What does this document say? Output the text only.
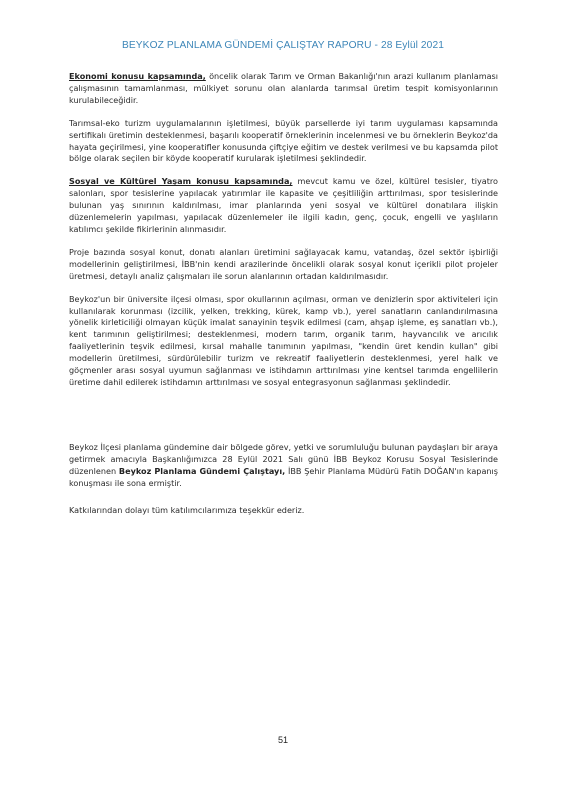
BEYKOZ PLANLAMA GÜNDEMİ ÇALIŞTAY RAPORU - 28 Eylül 2021

Ekonomi konusu kapsamında, öncelik olarak Tarım ve Orman Bakanlığı'nın arazi kullanım planlaması çalışmasının tamamlanması, mülkiyet sorunu olan alanlarda tarımsal üretim tespit komisyonlarının kurulabileceğidir.

Tarımsal-eko turizm uygulamalarının işletilmesi, büyük parsellerde iyi tarım uygulaması kapsamında sertifikalı üretimin desteklenmesi, başarılı kooperatif örneklerinin incelenmesi ve bu örneklerin Beykoz'da hayata geçirilmesi, yine kooperatifler konusunda çiftçiye eğitim ve destek verilmesi ve bu kapsamda pilot bölge olarak seçilen bir köyde kooperatif kurularak işletilmesi şeklindedir.

Sosyal ve Kültürel Yaşam konusu kapsamında, mevcut kamu ve özel, kültürel tesisler, tiyatro salonları, spor tesislerine yapılacak yatırımlar ile kapasite ve çeşitliliğin arttırılması, spor tesislerinde bulunan yaş sınırının kaldırılması, imar planlarında yeni sosyal ve kültürel donatılara ilişkin düzenlemelerin yapılması, yapılacak düzenlemeler ile ilgili kadın, genç, çocuk, engelli ve yaşlıların katılımcı şekilde fikirlerinin alınmasıdır.

Proje bazında sosyal konut, donatı alanları üretimini sağlayacak kamu, vatandaş, özel sektör işbirliği modellerinin geliştirilmesi, İBB'nin kendi arazilerinde öncelikli olarak sosyal konut içerikli pilot projeler üretmesi, detaylı analiz çalışmaları ile sorun alanlarının ortadan kaldırılmasıdır.

Beykoz'un bir üniversite ilçesi olması, spor okullarının açılması, orman ve denizlerin spor aktiviteleri için kullanılarak korunması (izcilik, yelken, trekking, kürek, kamp vb.), yerel sanatların canlandırılmasına yönelik kirleticiliği olmayan küçük imalat sanayinin teşvik edilmesi (cam, ahşap işleme, eş sanatları vb.), kent tarımının geliştirilmesi; desteklenmesi, modern tarım, organik tarım, hayvancılık ve arıcılık faaliyetlerinin teşvik edilmesi, kırsal mahalle tanımının yapılması, "kendin üret kendin kullan" gibi modellerin üretilmesi, sürdürülebilir turizm ve rekreatif faaliyetlerin desteklenmesi, yerel halk ve göçmenler arası sosyal uyumun sağlanması ve istihdamın arttırılması yine kentsel tarımda engellilerin üretime dahil edilerek istihdamın arttırılması ve sosyal entegrasyonun sağlanması şeklindedir.

Beykoz İlçesi planlama gündemine dair bölgede görev, yetki ve sorumluluğu bulunan paydaşları bir araya getirmek amacıyla Başkanlığımızca 28 Eylül 2021 Salı günü İBB Beykoz Korusu Sosyal Tesislerinde düzenlenen Beykoz Planlama Gündemi Çalıştayı, İBB Şehir Planlama Müdürü Fatih DOĞAN'ın kapanış konuşması ile sona ermiştir.

Katkılarından dolayı tüm katılımcılarımıza teşekkür ederiz.

51
